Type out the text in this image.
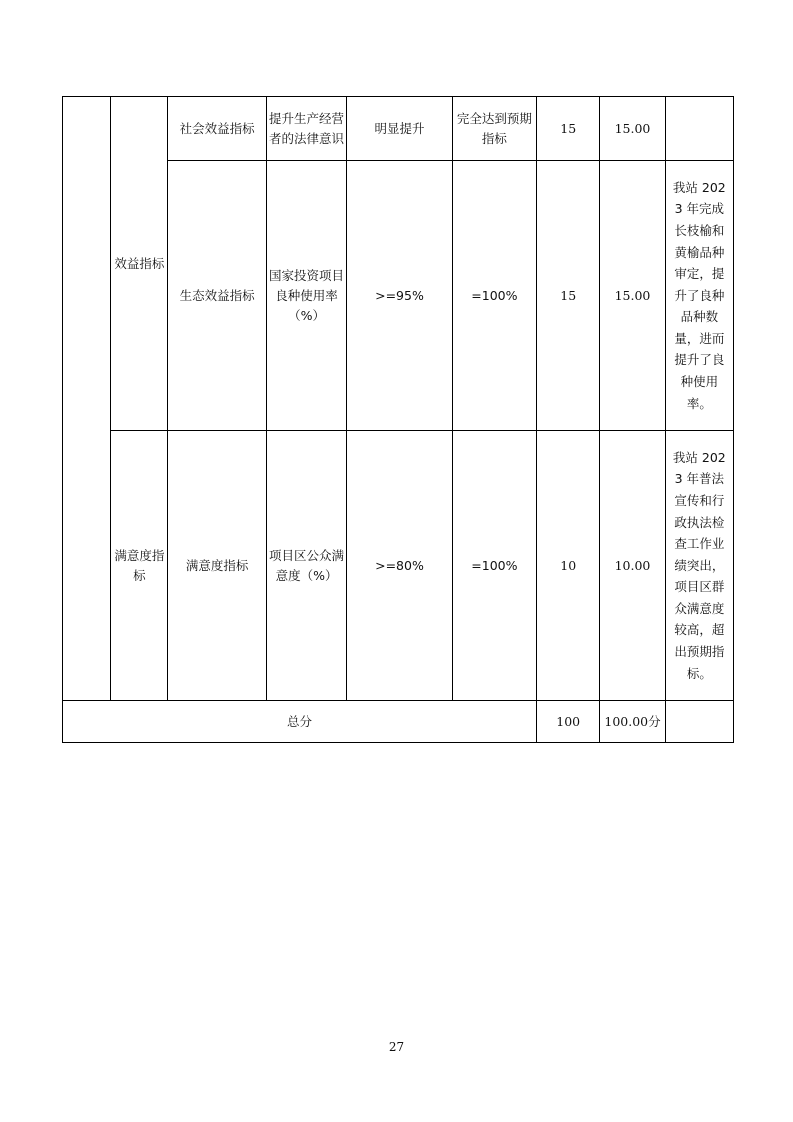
	效益指标	社会效益指标	提升生产经营者的法律意识	明显提升	完全达到预期指标	15	15.00	
		生态效益指标	国家投资项目良种使用率（%）	>=95%	=100%	15	15.00	我站 2023 年完成长枝榆和黄榆品种审定，提升了良种品种数量，进而提升了良种使用率。
	满意度指标	满意度指标	项目区公众满意度（%）	>=80%	=100%	10	10.00	我站 2023 年普法宣传和行政执法检查工作业绩突出，项目区群众满意度较高，超出预期指标。
总分						100	100.00分	
27
